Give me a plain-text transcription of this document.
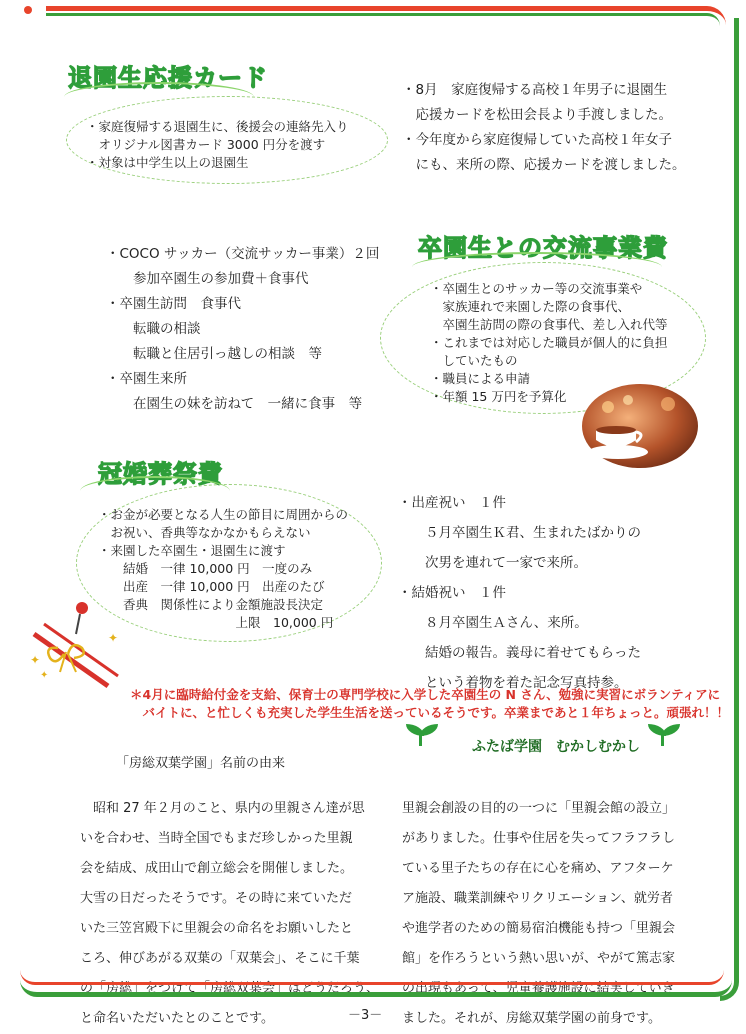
退園生応援カード
・家庭復帰する退園生に、後援会の連絡先入り
　オリジナル図書カード 3000 円分を渡す
・対象は中学生以上の退園生
・8月　家庭復帰する高校１年男子に退園生
　応援カードを松田会長より手渡しました。
・今年度から家庭復帰していた高校１年女子
　にも、来所の際、応援カードを渡しました。
卒園生との交流事業費
・COCO サッカー（交流サッカー事業）２回
　　参加卒園生の参加費＋食事代
・卒園生訪問　食事代
　　転職の相談
　　転職と住居引っ越しの相談　等
・卒園生来所
　　在園生の妹を訪ねて　一緒に食事　等
・卒園生とのサッカー等の交流事業や
　家族連れで来園した際の食事代、
　卒園生訪問の際の食事代、差し入れ代等
・これまでは対応した職員が個人的に負担
　していたもの
・職員による申請
・年額 15 万円を予算化
冠婚葬祭費
・お金が必要となる人生の節目に周囲からの
　お祝い、香典等なかなかもらえない
・来園した卒園生・退園生に渡す
　　結婚　一律 10,000 円　一度のみ
　　出産　一律 10,000 円　出産のたび
　　香典　関係性により金額施設長決定
　　　　　　　　　　　上限　10,000 円
・出産祝い　１件
　　５月卒園生Ｋ君、生まれたばかりの
　　次男を連れて一家で来所。
・結婚祝い　１件
　　８月卒園生Ａさん、来所。
　　結婚の報告。義母に着せてもらった
　　という着物を着た記念写真持参。
✦
✦
✦
＊4月に臨時給付金を支給、保育士の専門学校に入学した卒園生の N さん、勉強に実習にボランティアに
　バイトに、と忙しくも充実した学生生活を送っているそうです。卒業まであと１年ちょっと。頑張れ！！
ふたば学園　むかしむかし
「房総双葉学園」名前の由来
　昭和 27 年２月のこと、県内の里親さん達が思
いを合わせ、当時全国でもまだ珍しかった里親
会を結成、成田山で創立総会を開催しました。
大雪の日だったそうです。その時に来ていただ
いた三笠宮殿下に里親会の命名をお願いしたと
ころ、伸びあがる双葉の「双葉会」、そこに千葉
の「房総」をつけて「房総双葉会」はどうだろう、
と命名いただいたとのことです。
里親会創設の目的の一つに「里親会館の設立」
がありました。仕事や住居を失ってフラフラし
ている里子たちの存在に心を痛め、アフターケ
ア施設、職業訓練やリクリエーション、就労者
や進学者のための簡易宿泊機能も持つ「里親会
館」を作ろうという熱い思いが、やがて篤志家
の出現もあって、児童養護施設に結実していき
ました。それが、房総双葉学園の前身です。
－3－
